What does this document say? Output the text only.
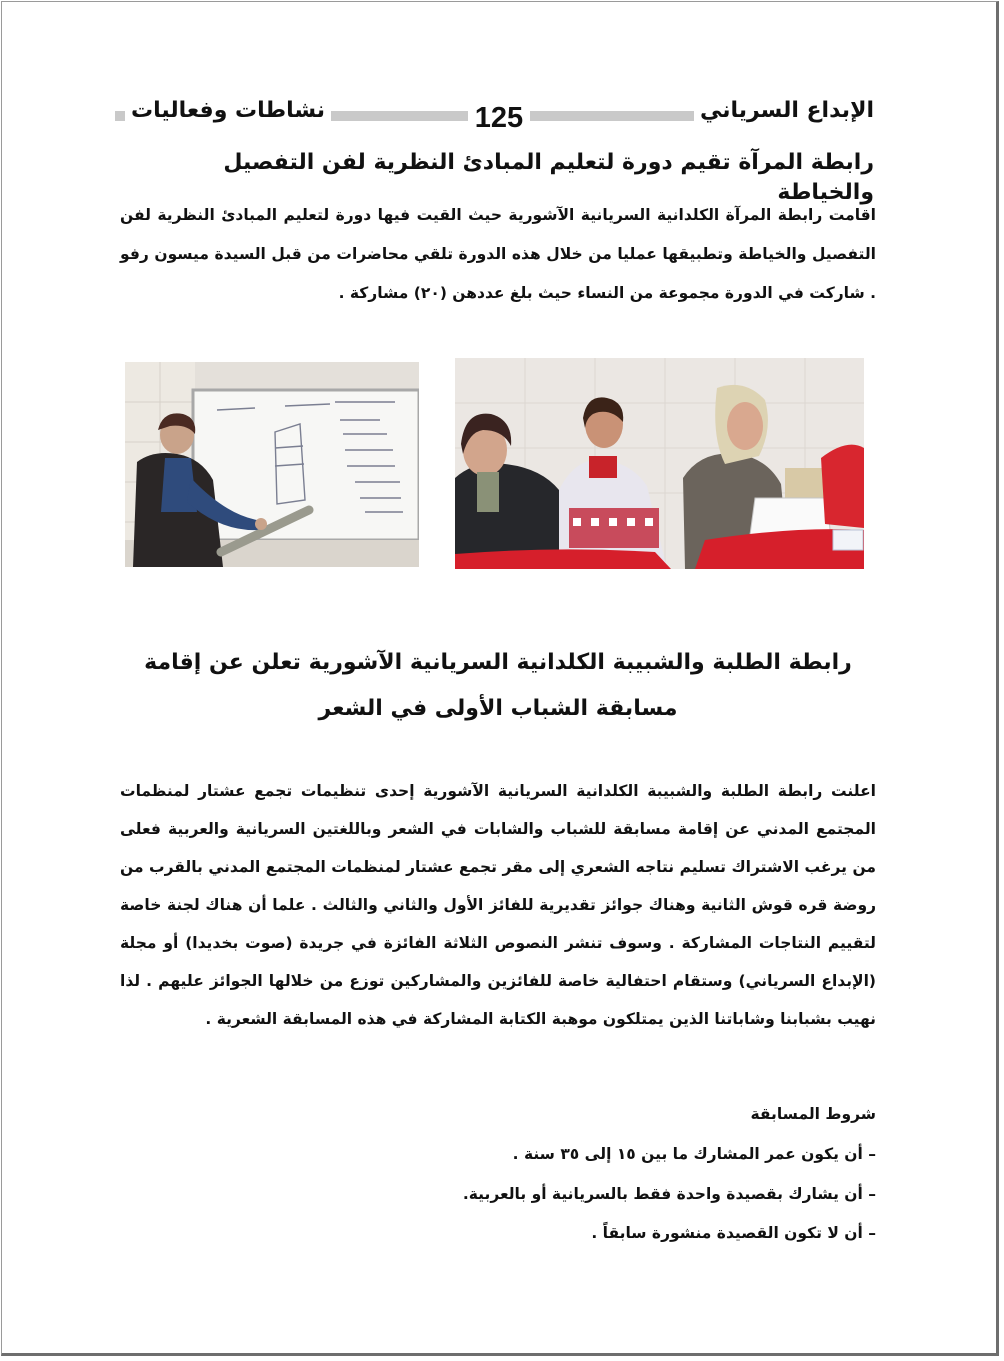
نشاطات وفعاليات	125	الإبداع السرياني
رابطة المرآة تقيم دورة لتعليم المبادئ النظرية لفن التفصيل والخياطة
اقامت رابطة المرآة الكلدانية السريانية الآشورية حيث القيت فيها دورة لتعليم المبادئ النظرية لفن التفصيل والخياطة وتطبيقها عمليا من خلال هذه الدورة تلقي محاضرات من قبل السيدة ميسون رفو . شاركت في الدورة مجموعة من النساء حيث بلغ عددهن (٢٠) مشاركة .
رابطة الطلبة والشبيبة الكلدانية السريانية الآشورية تعلن عن إقامة
مسابقة الشباب الأولى في الشعر
اعلنت رابطة الطلبة والشبيبة الكلدانية السريانية الآشورية إحدى تنظيمات تجمع عشتار لمنظمات المجتمع المدني عن إقامة مسابقة للشباب والشابات في الشعر وباللغتين السريانية والعربية فعلى من يرغب الاشتراك تسليم نتاجه الشعري إلى مقر تجمع عشتار لمنظمات المجتمع المدني بالقرب من روضة قره قوش الثانية وهناك جوائز تقديرية للفائز الأول والثاني والثالث . علما أن هناك لجنة خاصة لتقييم النتاجات المشاركة . وسوف تنشر النصوص الثلاثة الفائزة في جريدة (صوت بخديدا) أو مجلة (الإبداع السرياني) وستقام احتفالية خاصة للفائزين والمشاركين توزع من خلالها الجوائز عليهم . لذا نهيب بشبابنا وشاباتنا الذين يمتلكون موهبة الكتابة المشاركة في هذه المسابقة الشعرية .
شروط المسابقة
– أن يكون عمر المشارك ما بين ١٥ إلى ٣٥ سنة .
– أن يشارك بقصيدة واحدة فقط بالسريانية أو بالعربية.
– أن لا تكون القصيدة منشورة سابقاً .
